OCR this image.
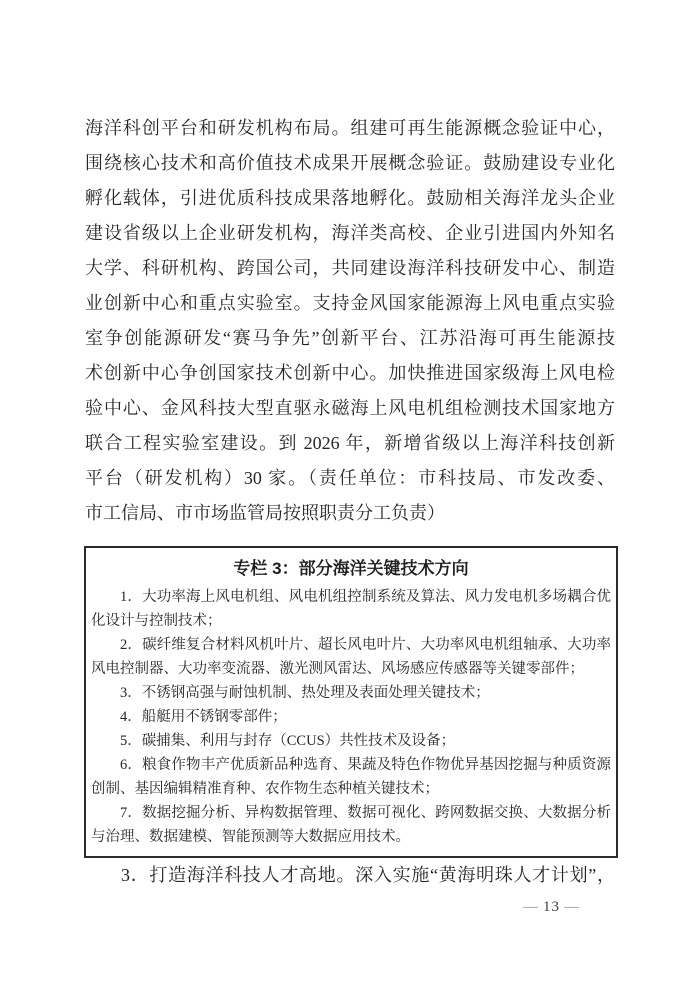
海洋科创平台和研发机构布局。组建可再生能源概念验证中心，
围绕核心技术和高价值技术成果开展概念验证。鼓励建设专业化
孵化载体，引进优质科技成果落地孵化。鼓励相关海洋龙头企业
建设省级以上企业研发机构，海洋类高校、企业引进国内外知名
大学、科研机构、跨国公司，共同建设海洋科技研发中心、制造
业创新中心和重点实验室。支持金风国家能源海上风电重点实验
室争创能源研发“赛马争先”创新平台、江苏沿海可再生能源技
术创新中心争创国家技术创新中心。加快推进国家级海上风电检
验中心、金风科技大型直驱永磁海上风电机组检测技术国家地方
联合工程实验室建设。到 2026 年，新增省级以上海洋科技创新
平台（研发机构）30 家。（责任单位：市科技局、市发改委、
市工信局、市市场监管局按照职责分工负责）
专栏 3：部分海洋关键技术方向

1．大功率海上风电机组、风电机组控制系统及算法、风力发电机多场耦合优化设计与控制技术；

2．碳纤维复合材料风机叶片、超长风电叶片、大功率风电机组轴承、大功率风电控制器、大功率变流器、激光测风雷达、风场感应传感器等关键零部件；

3．不锈钢高强与耐蚀机制、热处理及表面处理关键技术；

4．船艇用不锈钢零部件；

5．碳捕集、利用与封存（CCUS）共性技术及设备；

6．粮食作物丰产优质新品种选育、果蔬及特色作物优异基因挖掘与种质资源创制、基因编辑精准育种、农作物生态种植关键技术；

7．数据挖掘分析、异构数据管理、数据可视化、跨网数据交换、大数据分析与治理、数据建模、智能预测等大数据应用技术。

3．打造海洋科技人才高地。深入实施“黄海明珠人才计划”，
— 13 —
